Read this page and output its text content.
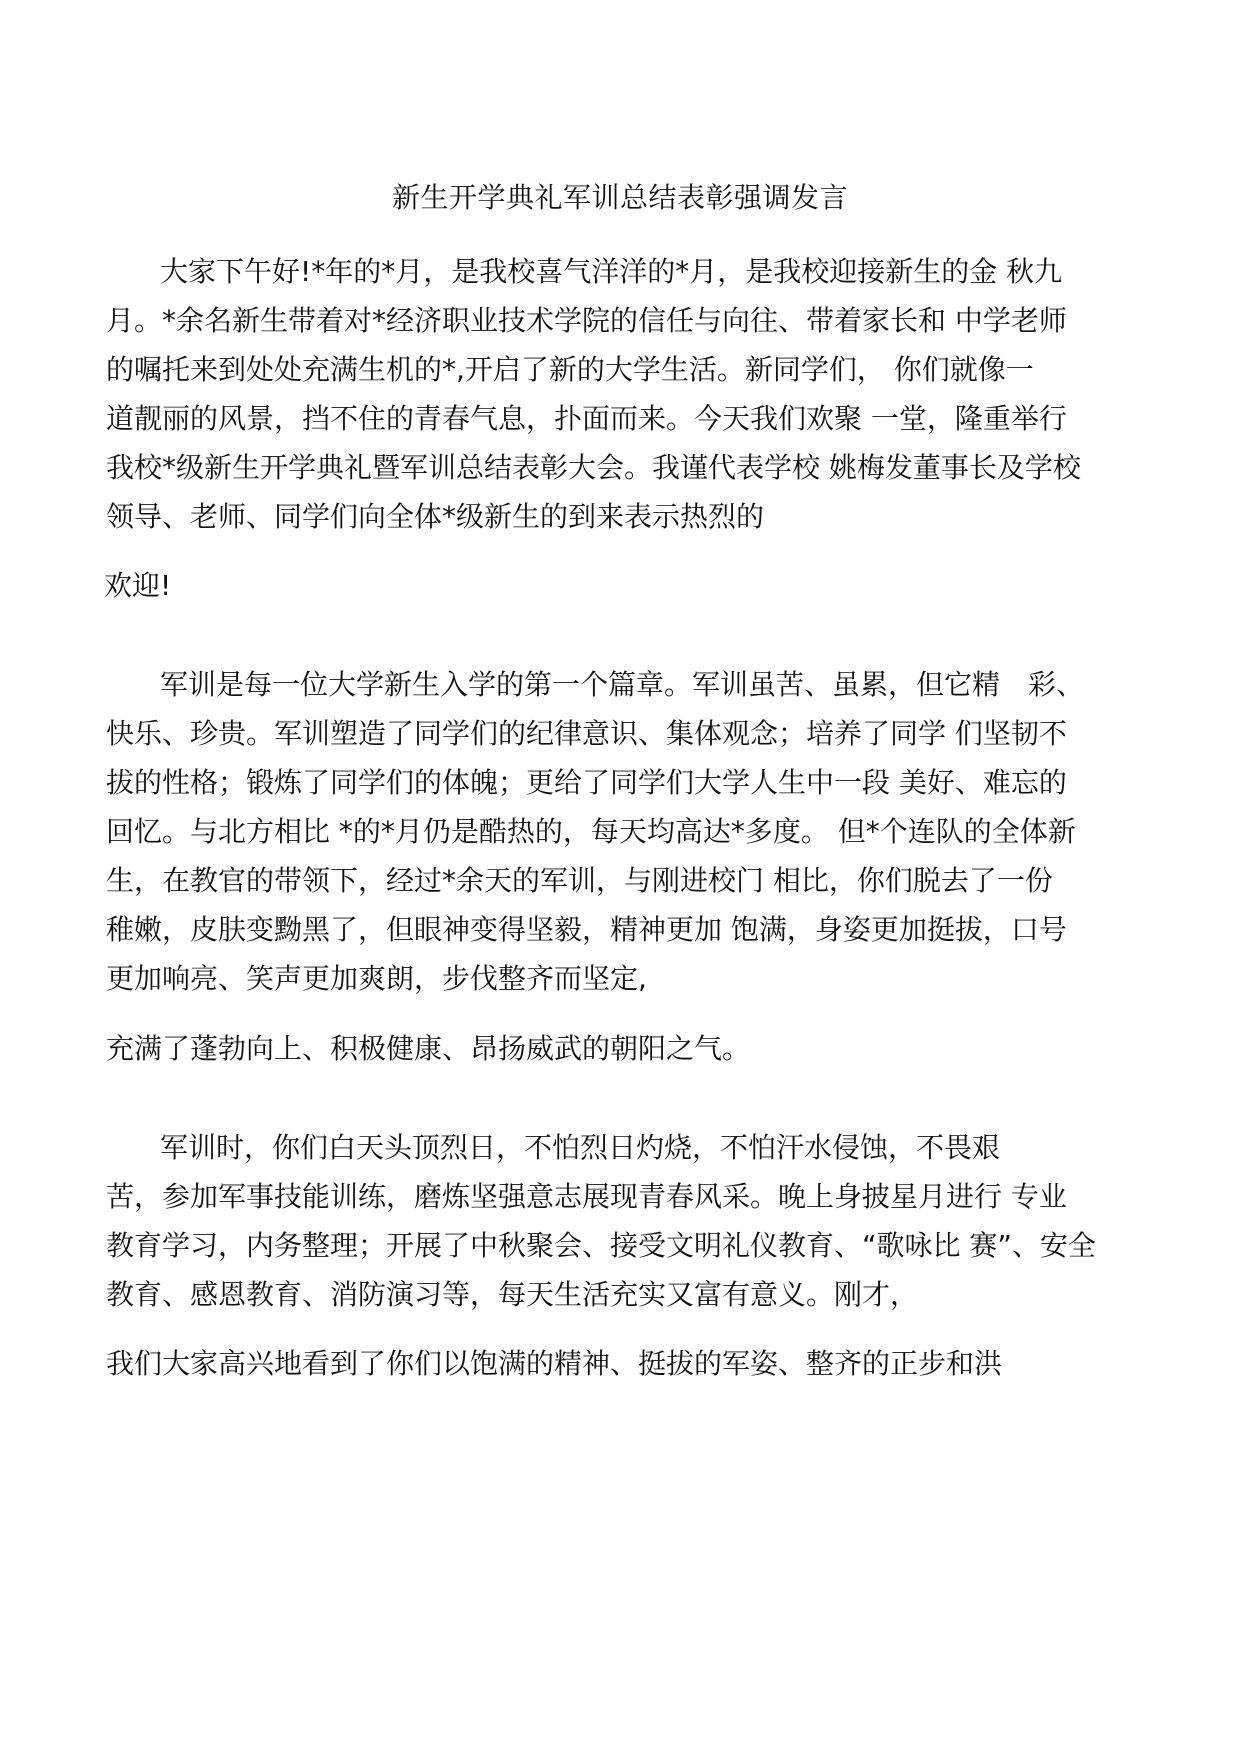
新生开学典礼军训总结表彰强调发言
大家下午好!*年的*月，是我校喜气洋洋的*月，是我校迎接新生的金 秋九
月。*余名新生带着对*经济职业技术学院的信任与向往、带着家长和 中学老师
的嘱托来到处处充满生机的*,开启了新的大学生活。新同学们， 你们就像一
道靓丽的风景，挡不住的青春气息，扑面而来。今天我们欢聚 一堂，隆重举行
我校*级新生开学典礼暨军训总结表彰大会。我谨代表学校 姚梅发董事长及学校
领导、老师、同学们向全体*级新生的到来表示热烈的
欢迎!
军训是每一位大学新生入学的第一个篇章。军训虽苦、虽累，但它精　彩、
快乐、珍贵。军训塑造了同学们的纪律意识、集体观念；培养了同学 们坚韧不
拔的性格；锻炼了同学们的体魄；更给了同学们大学人生中一段 美好、难忘的
回忆。与北方相比 *的*月仍是酷热的，每天均高达*多度。 但*个连队的全体新
生，在教官的带领下，经过*余天的军训，与刚进校门 相比，你们脱去了一份
稚嫩，皮肤变黝黑了，但眼神变得坚毅，精神更加 饱满，身姿更加挺拔，口号
更加响亮、笑声更加爽朗，步伐整齐而坚定,
充满了蓬勃向上、积极健康、昂扬威武的朝阳之气。
军训时，你们白天头顶烈日，不怕烈日灼烧，不怕汗水侵蚀，不畏艰
苦，参加军事技能训练，磨炼坚强意志展现青春风采。晚上身披星月进行 专业
教育学习，内务整理；开展了中秋聚会、接受文明礼仪教育、“歌咏比 赛”、安全
教育、感恩教育、消防演习等，每天生活充实又富有意义。刚才，
我们大家高兴地看到了你们以饱满的精神、挺拔的军姿、整齐的正步和洪
